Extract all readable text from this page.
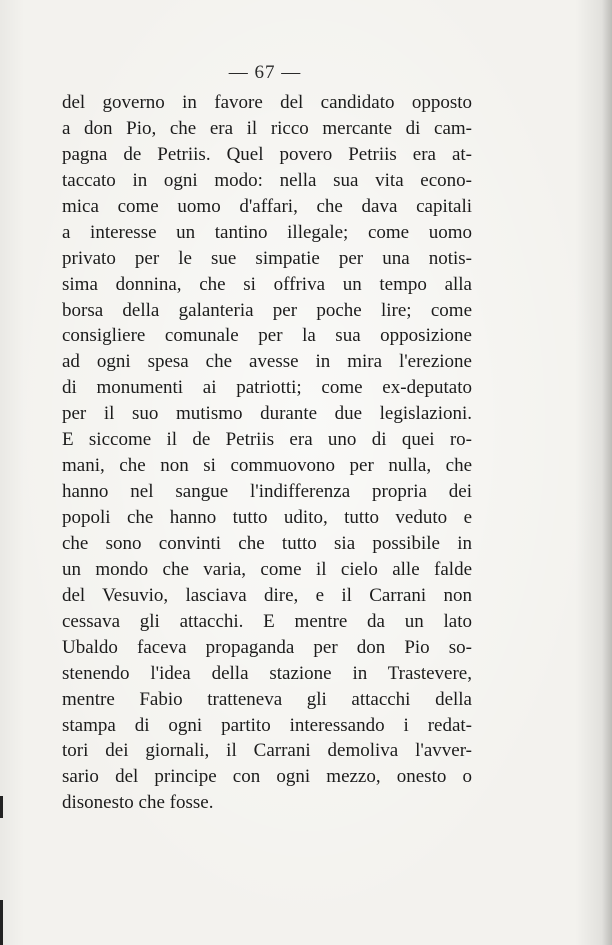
— 67 —
del governo in favore del candidato opposto
a don Pio, che era il ricco mercante di cam-
pagna de Petriis. Quel povero Petriis era at-
taccato in ogni modo: nella sua vita econo-
mica come uomo d'affari, che dava capitali
a interesse un tantino illegale; come uomo
privato per le sue simpatie per una notis-
sima donnina, che si offriva un tempo alla
borsa della galanteria per poche lire; come
consigliere comunale per la sua opposizione
ad ogni spesa che avesse in mira l'erezione
di monumenti ai patriotti; come ex-deputato
per il suo mutismo durante due legislazioni.
E siccome il de Petriis era uno di quei ro-
mani, che non si commuovono per nulla, che
hanno nel sangue l'indifferenza propria dei
popoli che hanno tutto udito, tutto veduto e
che sono convinti che tutto sia possibile in
un mondo che varia, come il cielo alle falde
del Vesuvio, lasciava dire, e il Carrani non
cessava gli attacchi. E mentre da un lato
Ubaldo faceva propaganda per don Pio so-
stenendo l'idea della stazione in Trastevere,
mentre Fabio tratteneva gli attacchi della
stampa di ogni partito interessando i redat-
tori dei giornali, il Carrani demoliva l'avver-
sario del principe con ogni mezzo, onesto o
disonesto che fosse.
